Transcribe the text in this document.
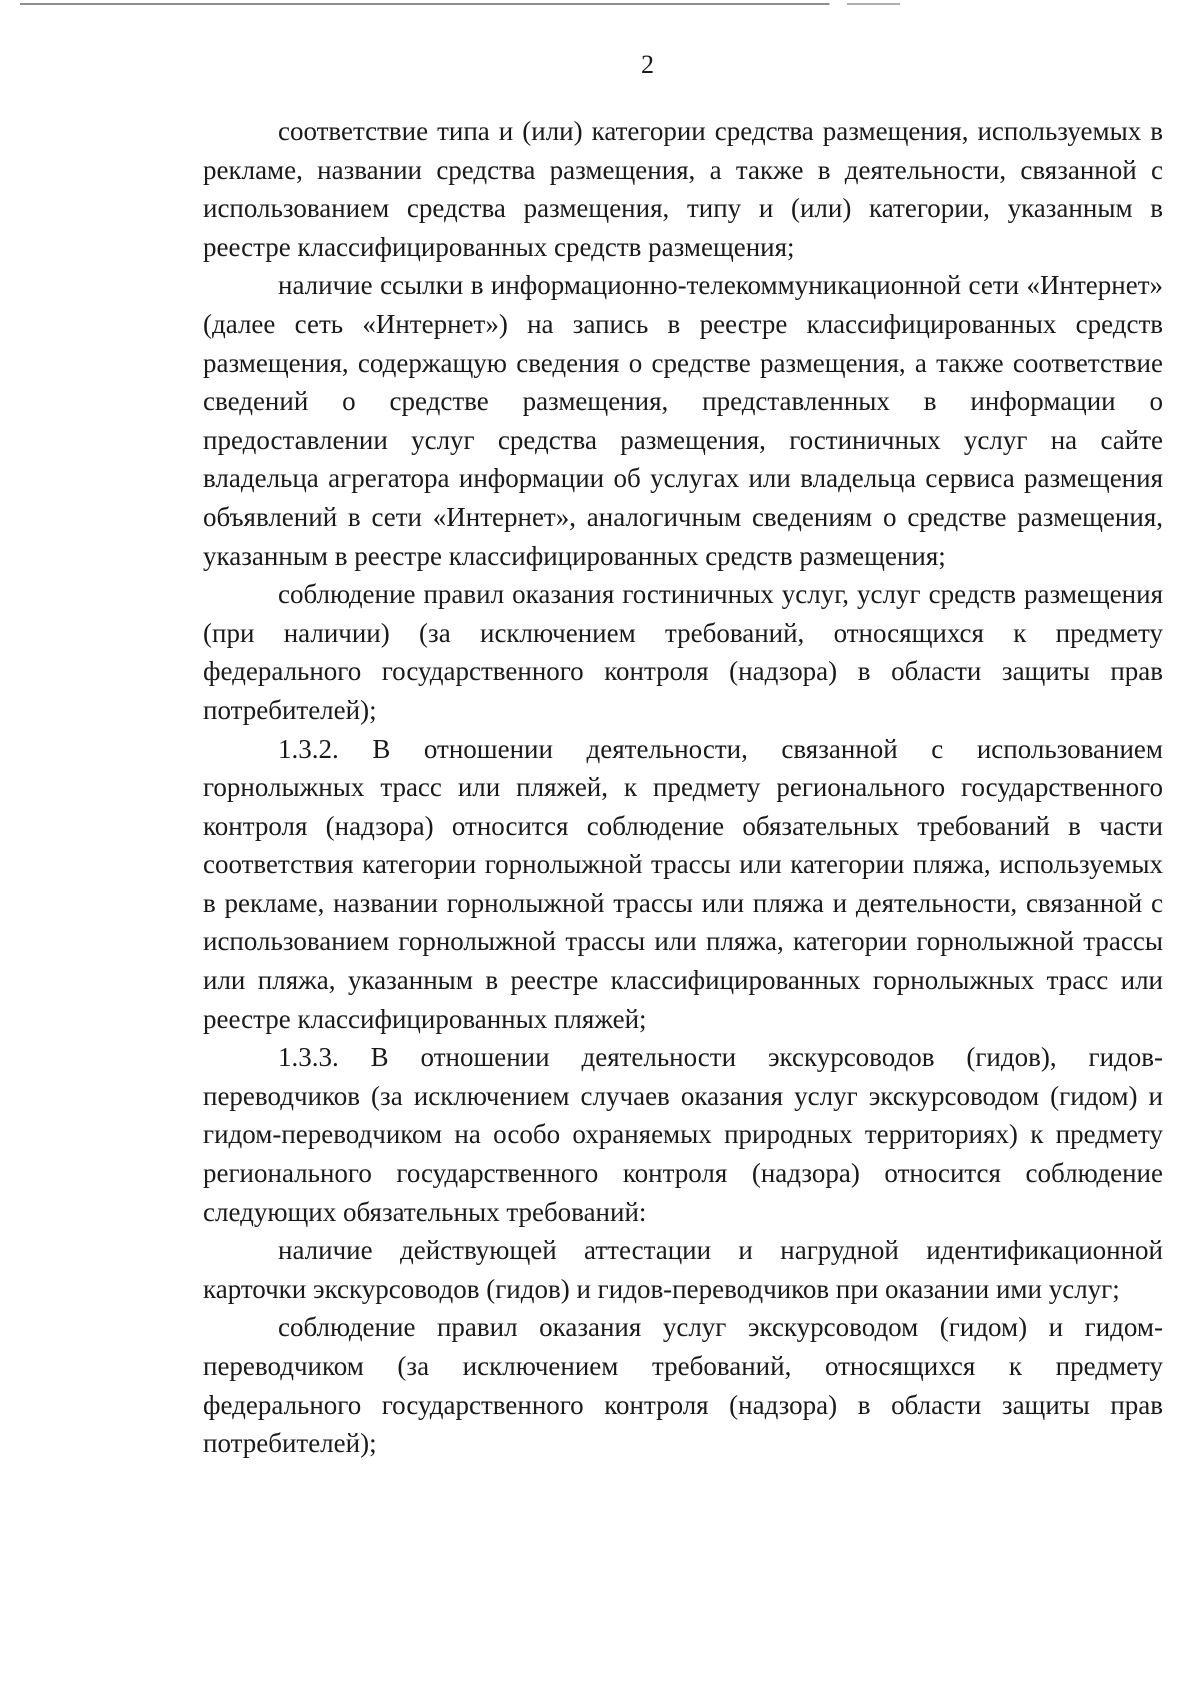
2

соответствие типа и (или) категории средства размещения, используемых в рекламе, названии средства размещения, а также в деятельности, связанной с использованием средства размещения, типу и (или) категории, указанным в реестре классифицированных средств размещения;

наличие ссылки в информационно-телекоммуникационной сети «Интернет» (далее сеть «Интернет») на запись в реестре классифицированных средств размещения, содержащую сведения о средстве размещения, а также соответствие сведений о средстве размещения, представленных в информации о предоставлении услуг средства размещения, гостиничных услуг на сайте владельца агрегатора информации об услугах или владельца сервиса размещения объявлений в сети «Интернет», аналогичным сведениям о средстве размещения, указанным в реестре классифицированных средств размещения;

соблюдение правил оказания гостиничных услуг, услуг средств размещения (при наличии) (за исключением требований, относящихся к предмету федерального государственного контроля (надзора) в области защиты прав потребителей);

1.3.2. В отношении деятельности, связанной с использованием горнолыжных трасс или пляжей, к предмету регионального государственного контроля (надзора) относится соблюдение обязательных требований в части соответствия категории горнолыжной трассы или категории пляжа, используемых в рекламе, названии горнолыжной трассы или пляжа и деятельности, связанной с использованием горнолыжной трассы или пляжа, категории горнолыжной трассы или пляжа, указанным в реестре классифицированных горнолыжных трасс или реестре классифицированных пляжей;

1.3.3. В отношении деятельности экскурсоводов (гидов), гидов-переводчиков (за исключением случаев оказания услуг экскурсоводом (гидом) и гидом-переводчиком на особо охраняемых природных территориях) к предмету регионального государственного контроля (надзора) относится соблюдение следующих обязательных требований:

наличие действующей аттестации и нагрудной идентификационной карточки экскурсоводов (гидов) и гидов-переводчиков при оказании ими услуг;

соблюдение правил оказания услуг экскурсоводом (гидом) и гидом-переводчиком (за исключением требований, относящихся к предмету федерального государственного контроля (надзора) в области защиты прав потребителей);
